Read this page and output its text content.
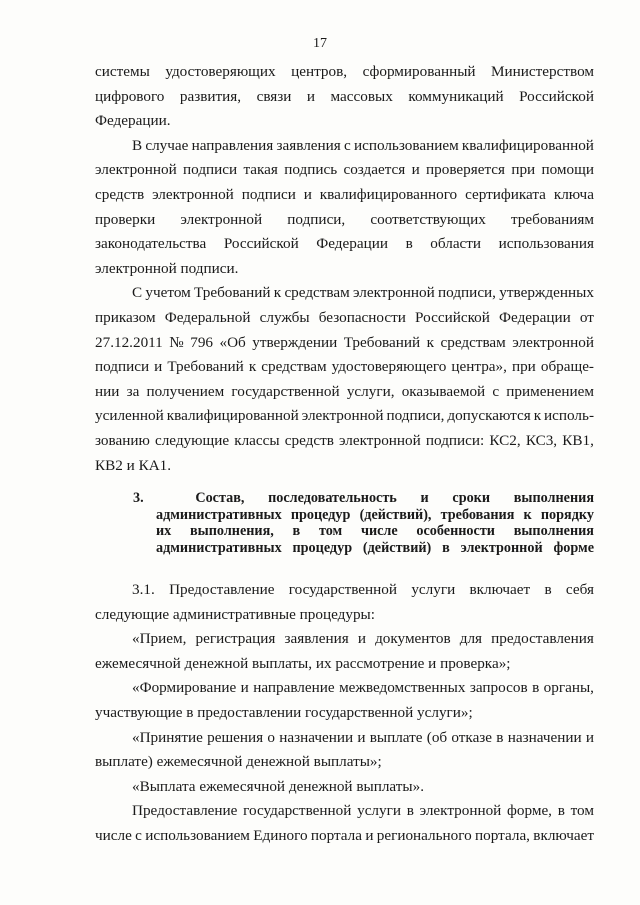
17
системы удостоверяющих центров, сформированный Министерством
цифрового развития, связи и массовых коммуникаций Российской
Федерации.
В случае направления заявления с использованием квалифицированной
электронной подписи такая подпись создается и проверяется при помощи
средств электронной подписи и квалифицированного сертификата ключа
проверки электронной подписи, соответствующих требованиям
законодательства Российской Федерации в области использования
электронной подписи.
С учетом Требований к средствам электронной подписи, утвержденных
приказом Федеральной службы безопасности Российской Федерации от
27.12.2011 № 796 «Об утверждении Требований к средствам электронной
подписи и Требований к средствам удостоверяющего центра», при обраще-
нии за получением государственной услуги, оказываемой с применением
усиленной квалифицированной электронной подписи, допускаются к исполь-
зованию следующие классы средств электронной подписи: КС2, КС3, КВ1,
КВ2 и КА1.
3.	Состав, последовательность и сроки выполнения
административных процедур (действий), требования к порядку
их выполнения, в том числе особенности выполнения
административных процедур (действий) в электронной форме
3.1. Предоставление государственной услуги включает в себя
следующие административные процедуры:
«Прием, регистрация заявления и документов для предоставления
ежемесячной денежной выплаты, их рассмотрение и проверка»;
«Формирование и направление межведомственных запросов в органы,
участвующие в предоставлении государственной услуги»;
«Принятие решения о назначении и выплате (об отказе в назначении и
выплате) ежемесячной денежной выплаты»;
«Выплата ежемесячной денежной выплаты».
Предоставление государственной услуги в электронной форме, в том
числе с использованием Единого портала и регионального портала, включает
